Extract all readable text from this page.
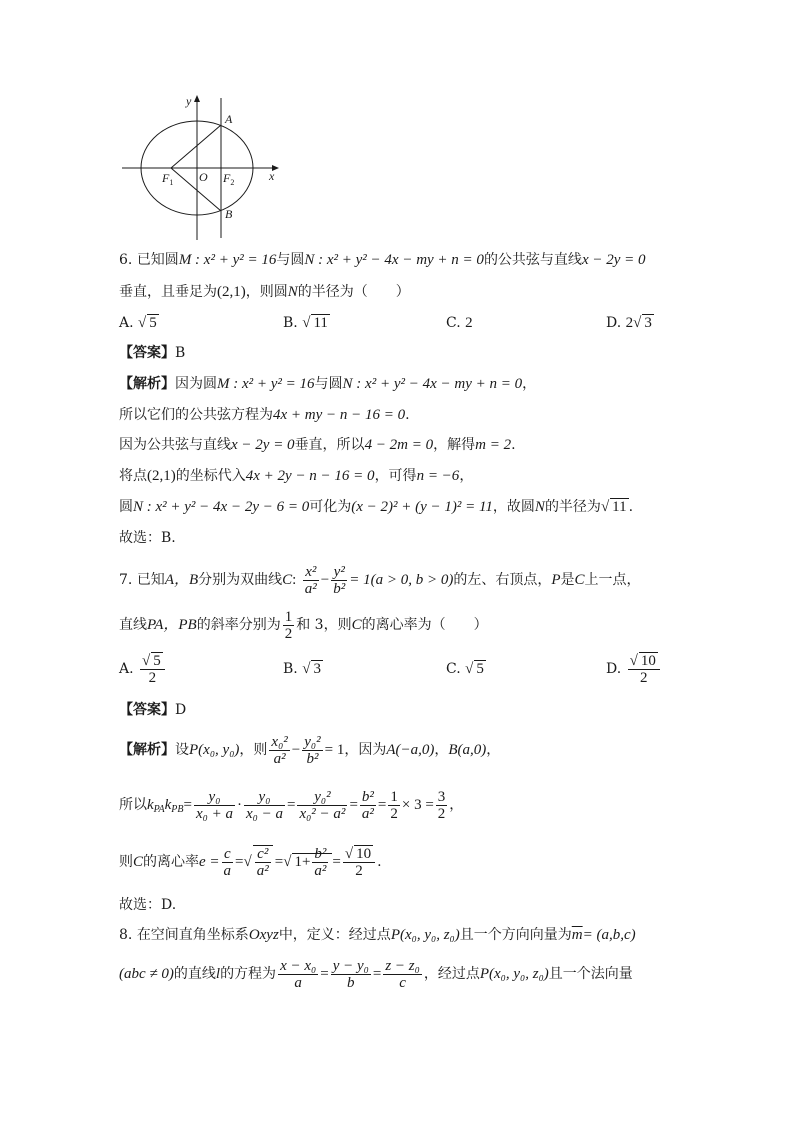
y
x
A
B
O
$F_1$	$F_2$
6. 已知圆M : x² + y² = 16与圆N : x² + y² − 4x − my + n = 0的公共弦与直线x − 2y = 0
垂直，且垂足为(2,1)，则圆N的半径为（　　）
A. √ 5	B. √ 11	C. 2	D. 2√ 3
【答案】B
【解析】因为圆M : x² + y² = 16与圆N : x² + y² − 4x − my + n = 0，
所以它们的公共弦方程为4x + my − n − 16 = 0.
因为公共弦与直线x − 2y = 0垂直，所以4 − 2m = 0，解得m = 2.
将点(2,1)的坐标代入4x + 2y − n − 16 = 0，可得n = −6，
圆N : x² + y² − 4x − 2y − 6 = 0可化为(x − 2)² + (y − 1)² = 11，故圆N的半径为√ 11 .
故选：B.
7. 已知A，B分别为双曲线C: $\frac{\text{x²}}{\text{a²}} - \frac{\text{y²}}{\text{b²}} = 1(a > 0$, b > 0)的左、右顶点，P是C上一点，
直线PA，PB的斜率分别为 $\frac{1}{2}$ 和 3，则C的离心率为（　　）
A. $\frac{√ 5}{2}$	B. √ 3	C. √ 5	D. $\frac{√ 10}{2}$
【答案】D
【解析】设P(x₀, y₀)，则 $\frac{\text{x₀²}}{\text{a²}} - \frac{\text{y₀²}}{\text{b²}} = 1$，因为A(−a,0)，B(a,0)，
所以$k_{PA}k_{PB}= \frac{\text{y₀}}{\text{x₀ + a}} \cdot \frac{\text{y₀}}{\text{x₀ − a}} = \frac{\text{y₀²}}{\text{x₀² − a²}} = \frac{\text{b²}}{\text{a²}} = \frac{1}{2} \times 3 = \frac{3}{2}$ ，
则C的离心率$e = \frac{c}{a}$ =√ $\frac{\text{c²}}{\text{a²}}$ =√ $1+ \frac{\text{b²}}{\text{a²}} = \frac{√ 10}{2}$ .
故选：D.
8. 在空间直角坐标系Oxyz中，定义：经过点P(x₀, y₀, z₀)且一个方向向量为$\overline{m}= (a,b,c)$
(abc ≠ 0)的直线l的方程为 $\frac{\text{x − x₀}}{a} = \frac{\text{y − y₀}}{b} = \frac{\text{z − z₀}}{c}$ ，经过点P(x₀, y₀, z₀)且一个法向量
